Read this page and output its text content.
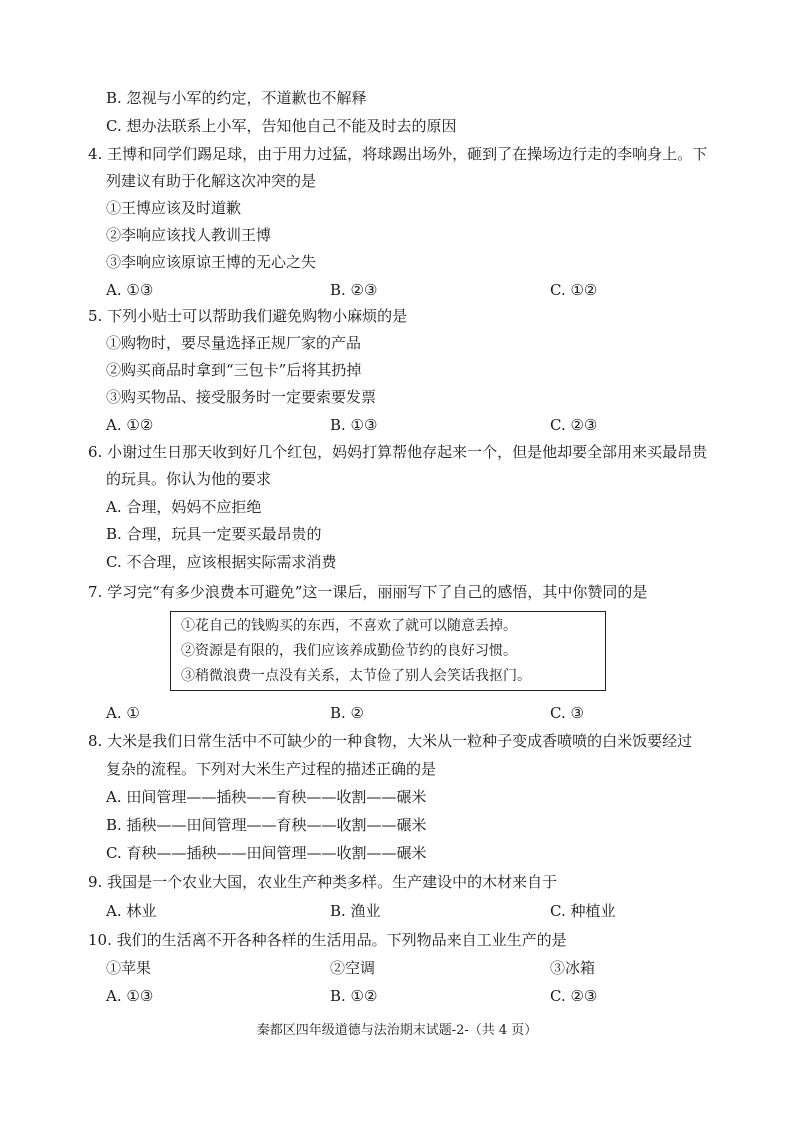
B. 忽视与小军的约定，不道歉也不解释
C. 想办法联系上小军，告知他自己不能及时去的原因
4. 王博和同学们踢足球，由于用力过猛，将球踢出场外，砸到了在操场边行走的李响身上。下
列建议有助于化解这次冲突的是
①王博应该及时道歉
②李响应该找人教训王博
③李响应该原谅王博的无心之失
A. ①③	B. ②③	C. ①②
5. 下列小贴士可以帮助我们避免购物小麻烦的是
①购物时，要尽量选择正规厂家的产品
②购买商品时拿到“三包卡”后将其扔掉
③购买物品、接受服务时一定要索要发票
A. ①②	B. ①③	C. ②③
6. 小谢过生日那天收到好几个红包，妈妈打算帮他存起来一个，但是他却要全部用来买最昂贵
的玩具。你认为他的要求
A. 合理，妈妈不应拒绝
B. 合理，玩具一定要买最昂贵的
C. 不合理，应该根据实际需求消费
7. 学习完“有多少浪费本可避免”这一课后，丽丽写下了自己的感悟，其中你赞同的是
①花自己的钱购买的东西，不喜欢了就可以随意丢掉。
②资源是有限的，我们应该养成勤俭节约的良好习惯。
③稍微浪费一点没有关系，太节俭了别人会笑话我抠门。
A. ①	B. ②	C. ③
8. 大米是我们日常生活中不可缺少的一种食物，大米从一粒种子变成香喷喷的白米饭要经过
复杂的流程。下列对大米生产过程的描述正确的是
A. 田间管理——插秧——育秧——收割——碾米
B. 插秧——田间管理——育秧——收割——碾米
C. 育秧——插秧——田间管理——收割——碾米
9. 我国是一个农业大国，农业生产种类多样。生产建设中的木材来自于
A. 林业	B. 渔业	C. 种植业
10. 我们的生活离不开各种各样的生活用品。下列物品来自工业生产的是
①苹果	②空调	③冰箱
A. ①③	B. ①②	C. ②③
秦都区四年级道德与法治期末试题-2-（共 4 页）
